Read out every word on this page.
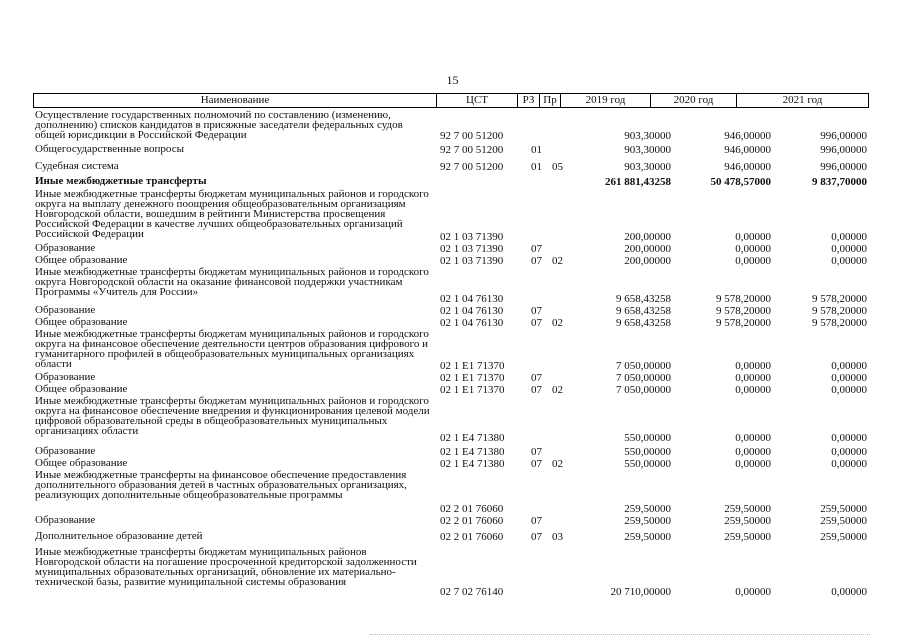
15
Наименование	ЦСТ	РЗ Пр	2019 год	2020 год	2021 год
Осуществление государственных полномочий по составлению (изменению, дополнению) списков кандидатов в присяжные заседатели федеральных судов общей юрисдикции в Российской Федерации	92 7 00 51200	903,30000	946,00000	996,00000
Общегосударственные вопросы	92 7 00 51200	01	903,30000	946,00000	996,00000
Судебная система	92 7 00 51200	01 05	903,30000	946,00000	996,00000
Иные межбюджетные трансферты	261 881,43258	50 478,57000	9 837,70000
Иные межбюджетные трансферты бюджетам муниципальных районов и городского округа на выплату денежного поощрения общеобразовательным организациям Новгородской области, вошедшим в рейтинги Министерства просвещения Российской Федерации в качестве лучших общеобразовательных организаций Российской Федерации	02 1 03 71390	200,00000	0,00000	0,00000
Образование	02 1 03 71390	07	200,00000	0,00000	0,00000
Общее образование	02 1 03 71390	07 02	200,00000	0,00000	0,00000
Иные межбюджетные трансферты бюджетам муниципальных районов и городского округа Новгородской области на оказание финансовой поддержки участникам Программы «Учитель для России»
02 1 04 76130	9 658,43258	9 578,20000	9 578,20000
Образование	02 1 04 76130	07	9 658,43258	9 578,20000	9 578,20000
Общее образование	02 1 04 76130	07 02	9 658,43258	9 578,20000	9 578,20000
Иные межбюджетные трансферты бюджетам муниципальных районов и городского округа на финансовое обеспечение деятельности центров образования цифрового и гуманитарного профилей в общеобразовательных муниципальных организациях области	02 1 E1 71370	7 050,00000	0,00000	0,00000
Образование	02 1 E1 71370 07	7 050,00000	0,00000	0,00000
Общее образование	02 1 E1 71370 07 02	7 050,00000	0,00000	0,00000
Иные межбюджетные трансферты бюджетам муниципальных районов и городского округа на финансовое обеспечение внедрения и функционирования целевой модели цифровой образовательной среды в общеобразовательных муниципальных организациях области
02 1 E4 71380	550,00000	0,00000	0,00000
Образование	02 1 E4 71380 07	550,00000	0,00000	0,00000
Общее образование	02 1 E4 71380 07 02	550,00000	0,00000	0,00000
Иные межбюджетные трансферты на финансовое обеспечение предоставления дополнительного образования детей в частных образовательных организациях, реализующих дополнительные общеобразовательные программы
02 2 01 76060	259,50000	259,50000	259,50000
Образование	02 2 01 76060	07	259,50000	259,50000	259,50000
Дополнительное образование детей	02 2 01 76060	07 03	259,50000	259,50000	259,50000
Иные межбюджетные трансферты бюджетам муниципальных районов Новгородской области на погашение просроченной кредиторской задолженности муниципальных образовательных организаций, обновление их материально-технической базы, развитие муниципальной системы образования
02 7 02 76140	20 710,00000	0,00000	0,00000
